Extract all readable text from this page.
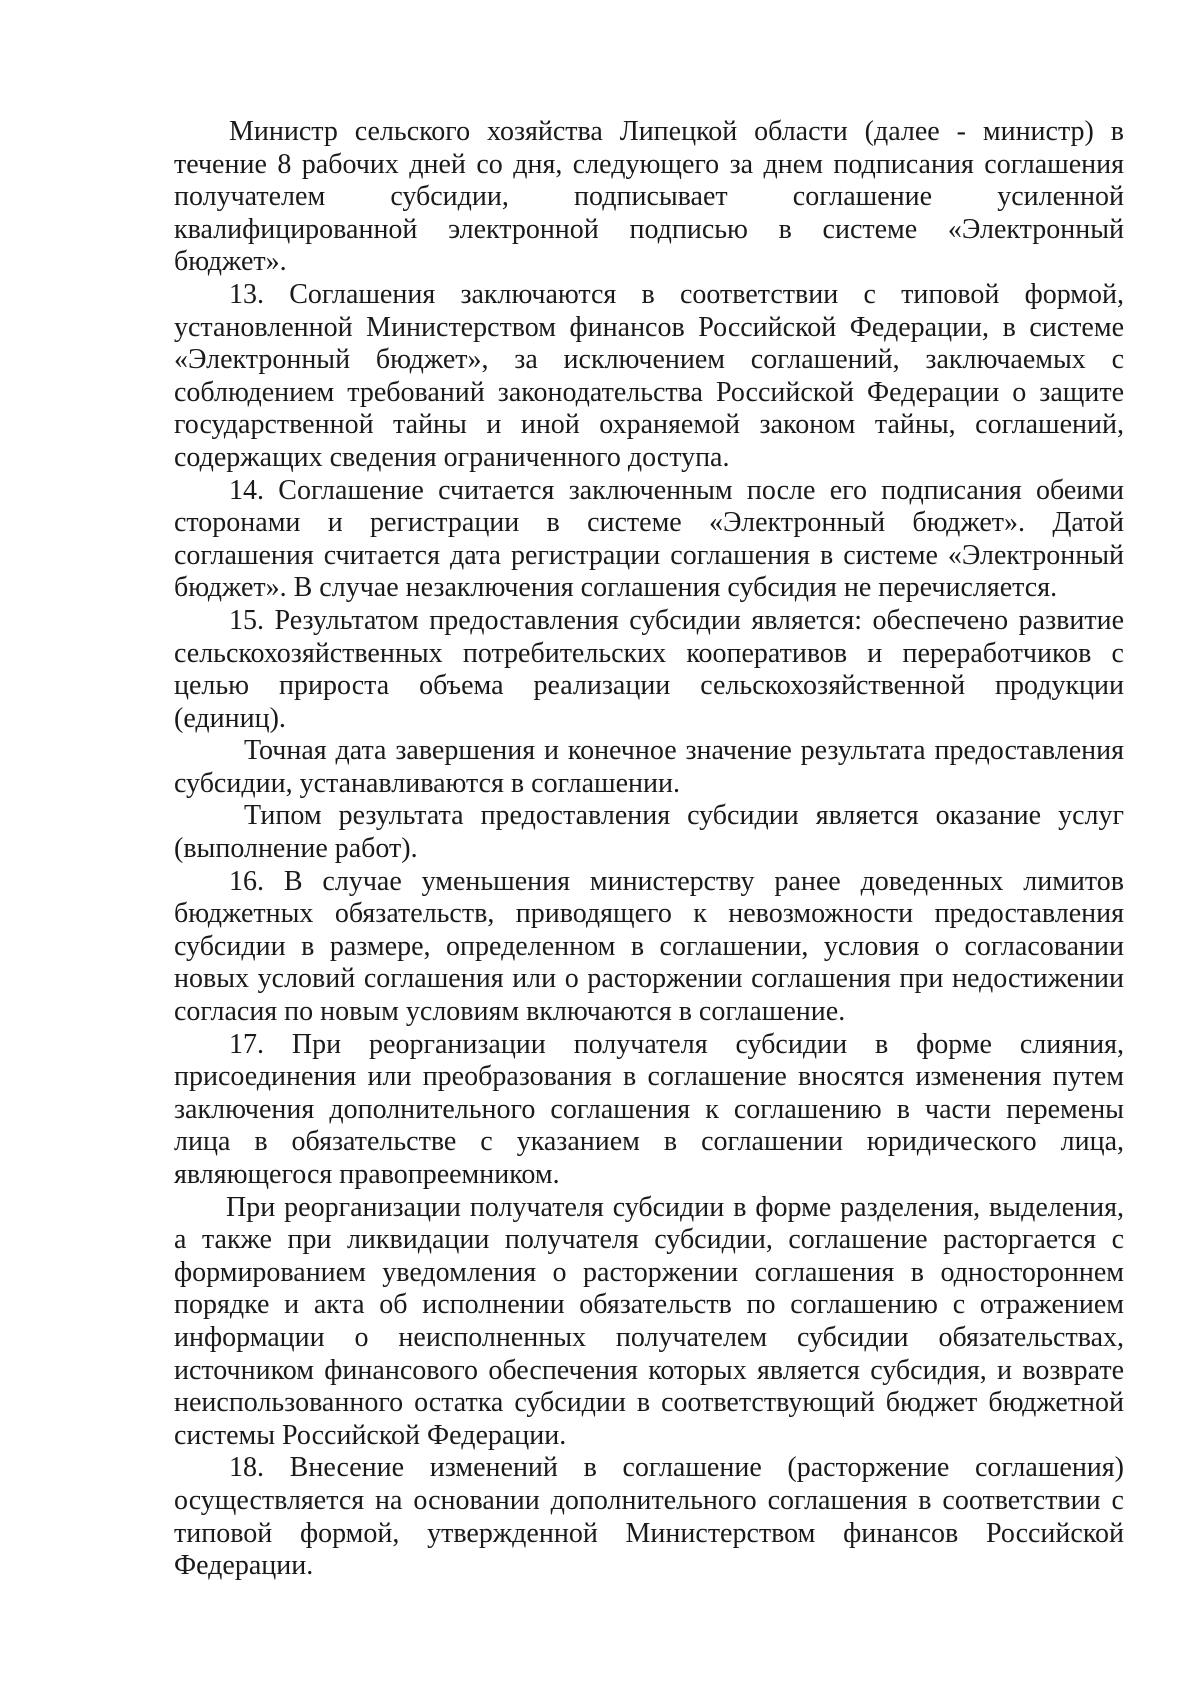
Министр сельского хозяйства Липецкой области (далее - министр) в течение 8 рабочих дней со дня, следующего за днем подписания соглашения получателем субсидии, подписывает соглашение усиленной квалифицированной электронной подписью в системе «Электронный бюджет».

13. Соглашения заключаются в соответствии с типовой формой, установленной Министерством финансов Российской Федерации, в системе «Электронный бюджет», за исключением соглашений, заключаемых с соблюдением требований законодательства Российской Федерации о защите государственной тайны и иной охраняемой законом тайны, соглашений, содержащих сведения ограниченного доступа.

14. Соглашение считается заключенным после его подписания обеими сторонами и регистрации в системе «Электронный бюджет». Датой соглашения считается дата регистрации соглашения в системе «Электронный бюджет». В случае незаключения соглашения субсидия не перечисляется.

15. Результатом предоставления субсидии является: обеспечено развитие сельскохозяйственных потребительских кооперативов и переработчиков с целью прироста объема реализации сельскохозяйственной продукции (единиц).

Точная дата завершения и конечное значение результата предоставления субсидии, устанавливаются в соглашении.

Типом результата предоставления субсидии является оказание услуг (выполнение работ).

16. В случае уменьшения министерству ранее доведенных лимитов бюджетных обязательств, приводящего к невозможности предоставления субсидии в размере, определенном в соглашении, условия о согласовании новых условий соглашения или о расторжении соглашения при недостижении согласия по новым условиям включаются в соглашение.

17. При реорганизации получателя субсидии в форме слияния, присоединения или преобразования в соглашение вносятся изменения путем заключения дополнительного соглашения к соглашению в части перемены лица в обязательстве с указанием в соглашении юридического лица, являющегося правопреемником.

При реорганизации получателя субсидии в форме разделения, выделения, а также при ликвидации получателя субсидии, соглашение расторгается с формированием уведомления о расторжении соглашения в одностороннем порядке и акта об исполнении обязательств по соглашению с отражением информации о неисполненных получателем субсидии обязательствах, источником финансового обеспечения которых является субсидия, и возврате неиспользованного остатка субсидии в соответствующий бюджет бюджетной системы Российской Федерации.

18. Внесение изменений в соглашение (расторжение соглашения) осуществляется на основании дополнительного соглашения в соответствии с типовой формой, утвержденной Министерством финансов Российской Федерации.
